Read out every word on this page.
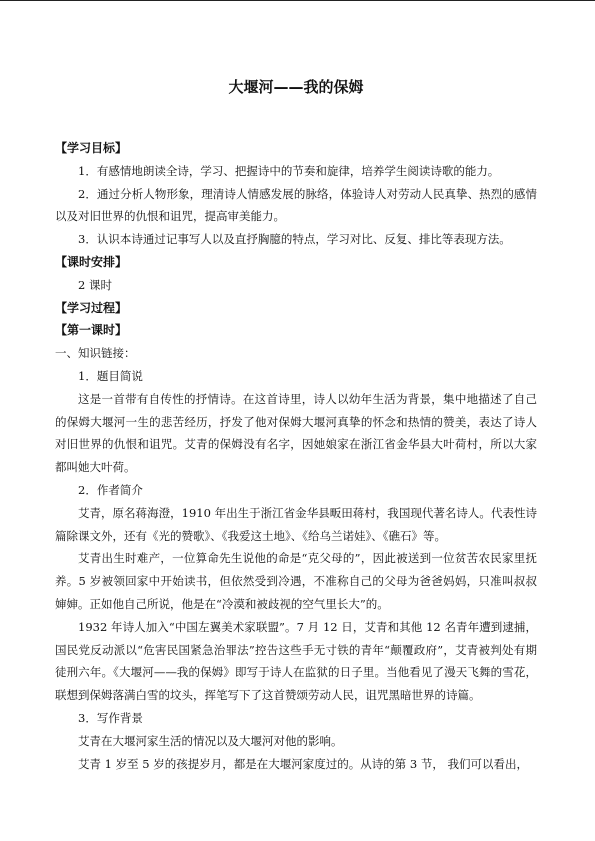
大堰河——我的保姆
【学习目标】

1．有感情地朗读全诗，学习、把握诗中的节奏和旋律，培养学生阅读诗歌的能力。

2．通过分析人物形象，理清诗人情感发展的脉络，体验诗人对劳动人民真挚、热烈的感情以及对旧世界的仇恨和诅咒，提高审美能力。

3．认识本诗通过记事写人以及直抒胸臆的特点，学习对比、反复、排比等表现方法。

【课时安排】

2 课时

【学习过程】
【第一课时】

一、知识链接：

1．题目简说

这是一首带有自传性的抒情诗。在这首诗里，诗人以幼年生活为背景，集中地描述了自己的保姆大堰河一生的悲苦经历，抒发了他对保姆大堰河真挚的怀念和热情的赞美，表达了诗人对旧世界的仇恨和诅咒。艾青的保姆没有名字，因她娘家在浙江省金华县大叶荷村，所以大家都叫她大叶荷。

2．作者简介

艾青，原名蒋海澄，1910 年出生于浙江省金华县畈田蒋村，我国现代著名诗人。代表性诗篇除课文外，还有《光的赞歌》、《我爱这土地》、《给乌兰诺娃》、《礁石》等。

艾青出生时难产，一位算命先生说他的命是“克父母的”，因此被送到一位贫苦农民家里抚养。5 岁被领回家中开始读书，但依然受到冷遇，不准称自己的父母为爸爸妈妈，只准叫叔叔婶婶。正如他自己所说，他是在“冷漠和被歧视的空气里长大”的。

1932 年诗人加入“中国左翼美术家联盟”。7 月 12 日，艾青和其他 12 名青年遭到逮捕，国民党反动派以“危害民国紧急治罪法”控告这些手无寸铁的青年“颠覆政府”，艾青被判处有期徒刑六年。《大堰河——我的保姆》即写于诗人在监狱的日子里。当他看见了漫天飞舞的雪花，联想到保姆落满白雪的坟头，挥笔写下了这首赞颂劳动人民，诅咒黑暗世界的诗篇。

3．写作背景

艾青在大堰河家生活的情况以及大堰河对他的影响。

艾青 1 岁至 5 岁的孩提岁月，都是在大堰河家度过的。从诗的第 3 节， 我们可以看出，
